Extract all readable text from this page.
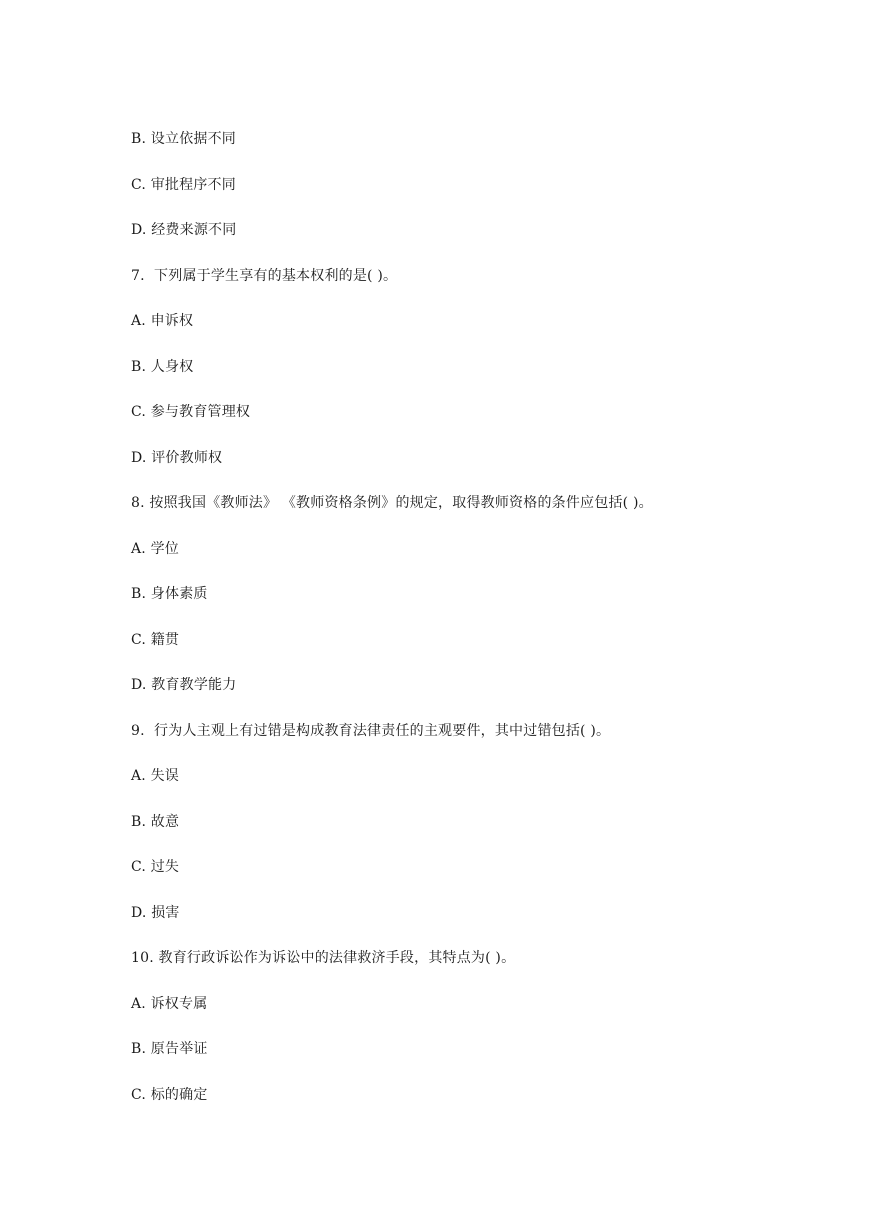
B. 设立依据不同
C. 审批程序不同
D. 经费来源不同
7.  下列属于学生享有的基本权利的是( )。
A. 申诉权
B. 人身权
C. 参与教育管理权
D. 评价教师权
8. 按照我国《教师法》 《教师资格条例》的规定，取得教师资格的条件应包括( )。
A. 学位
B. 身体素质
C. 籍贯
D. 教育教学能力
9.  行为人主观上有过错是构成教育法律责任的主观要件，其中过错包括( )。
A. 失误
B. 故意
C. 过失
D. 损害
10. 教育行政诉讼作为诉讼中的法律救济手段，其特点为( )。
A. 诉权专属
B. 原告举证
C. 标的确定
